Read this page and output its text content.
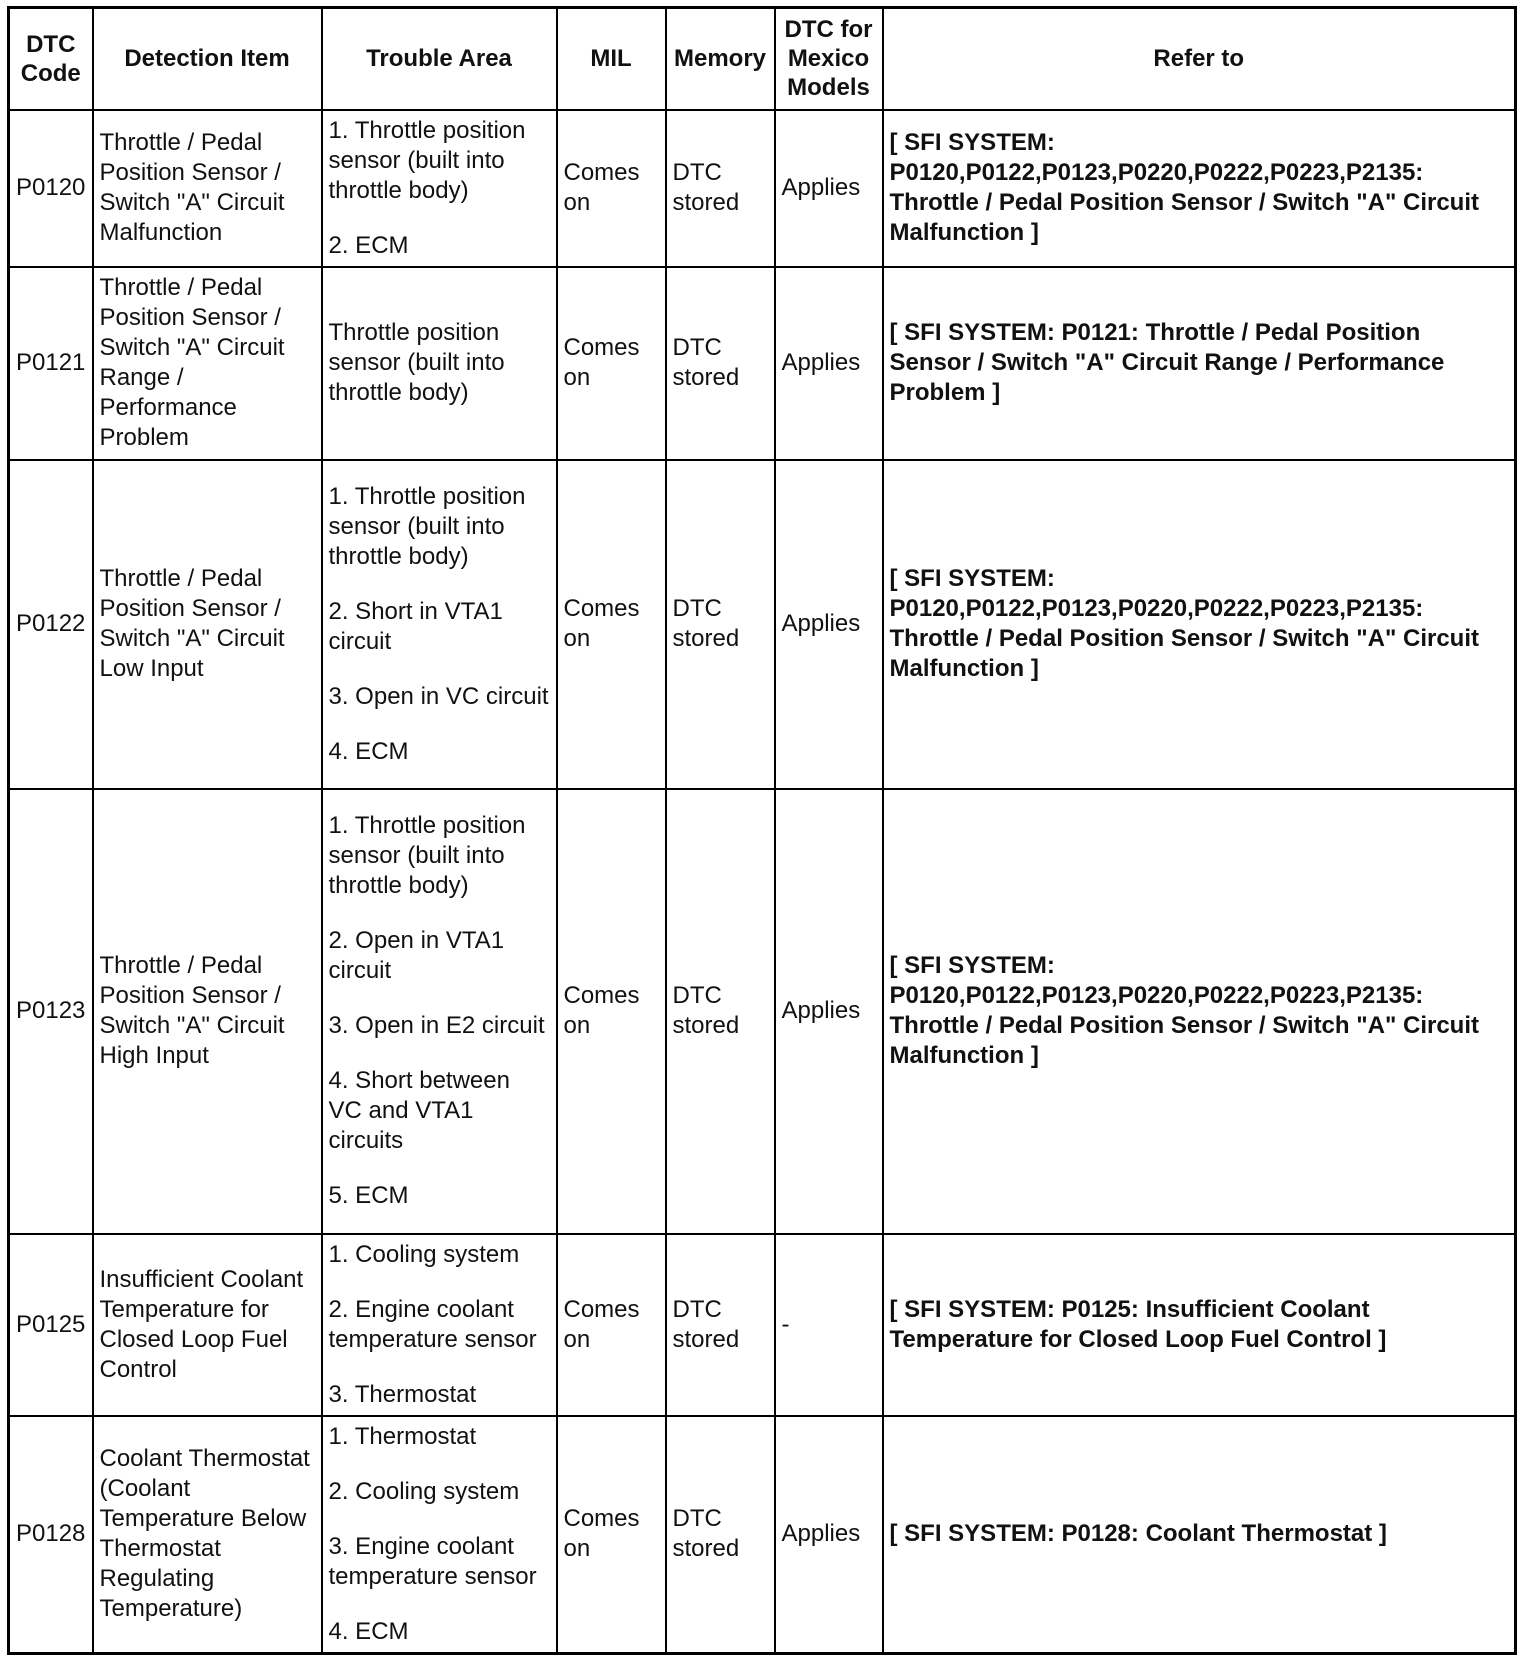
DTC Code	Detection Item	Trouble Area	MIL	Memory	DTC for Mexico Models	Refer to
P0120	Throttle / Pedal Position Sensor / Switch "A" Circuit Malfunction	1. Throttle position sensor (built into throttle body)
2. ECM	Comes on	DTC stored	Applies	[ SFI SYSTEM: P0120,P0122,P0123,P0220,P0222,P0223,P2135: Throttle / Pedal Position Sensor / Switch "A" Circuit Malfunction ]
P0121	Throttle / Pedal Position Sensor / Switch "A" Circuit Range / Performance Problem	Throttle position sensor (built into throttle body)	Comes on	DTC stored	Applies	[ SFI SYSTEM: P0121: Throttle / Pedal Position Sensor / Switch "A" Circuit Range / Performance Problem ]
P0122	Throttle / Pedal Position Sensor / Switch "A" Circuit Low Input	1. Throttle position sensor (built into throttle body)
2. Short in VTA1 circuit
3. Open in VC circuit
4. ECM	Comes on	DTC stored	Applies	[ SFI SYSTEM: P0120,P0122,P0123,P0220,P0222,P0223,P2135: Throttle / Pedal Position Sensor / Switch "A" Circuit Malfunction ]
P0123	Throttle / Pedal Position Sensor / Switch "A" Circuit High Input	1. Throttle position sensor (built into throttle body)
2. Open in VTA1 circuit
3. Open in E2 circuit
4. Short between VC and VTA1 circuits
5. ECM	Comes on	DTC stored	Applies	[ SFI SYSTEM: P0120,P0122,P0123,P0220,P0222,P0223,P2135: Throttle / Pedal Position Sensor / Switch "A" Circuit Malfunction ]
P0125	Insufficient Coolant Temperature for Closed Loop Fuel Control	1. Cooling system
2. Engine coolant temperature sensor
3. Thermostat	Comes on	DTC stored	-	[ SFI SYSTEM: P0125: Insufficient Coolant Temperature for Closed Loop Fuel Control ]
P0128	Coolant Thermostat (Coolant Temperature Below Thermostat Regulating Temperature)	1. Thermostat
2. Cooling system
3. Engine coolant temperature sensor
4. ECM	Comes on	DTC stored	Applies	[ SFI SYSTEM: P0128: Coolant Thermostat ]
